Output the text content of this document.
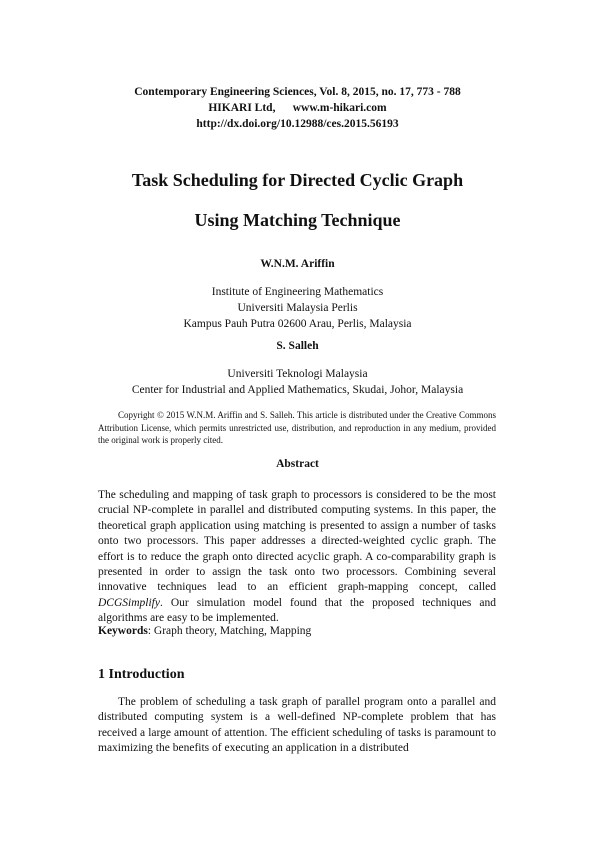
Contemporary Engineering Sciences, Vol. 8, 2015, no. 17, 773 - 788
HIKARI Ltd,      www.m-hikari.com
http://dx.doi.org/10.12988/ces.2015.56193
Task Scheduling for Directed Cyclic Graph
Using Matching Technique
W.N.M. Ariffin
Institute of Engineering Mathematics
Universiti Malaysia Perlis
Kampus Pauh Putra 02600 Arau, Perlis, Malaysia
S. Salleh
Universiti Teknologi Malaysia
Center for Industrial and Applied Mathematics, Skudai, Johor, Malaysia
Copyright © 2015 W.N.M. Ariffin and S. Salleh. This article is distributed under the Creative Commons Attribution License, which permits unrestricted use, distribution, and reproduction in any medium, provided the original work is properly cited.
Abstract
The scheduling and mapping of task graph to processors is considered to be the most crucial NP-complete in parallel and distributed computing systems. In this paper, the theoretical graph application using matching is presented to assign a number of tasks onto two processors. This paper addresses a directed-weighted cyclic graph. The effort is to reduce the graph onto directed acyclic graph. A co-comparability graph is presented in order to assign the task onto two processors. Combining several innovative techniques lead to an efficient graph-mapping concept, called DCGSimplify. Our simulation model found that the proposed techniques and algorithms are easy to be implemented.
Keywords: Graph theory, Matching, Mapping
1 Introduction
The problem of scheduling a task graph of parallel program onto a parallel and distributed computing system is a well-defined NP-complete problem that has received a large amount of attention. The efficient scheduling of tasks is paramount to maximizing the benefits of executing an application in a distributed
